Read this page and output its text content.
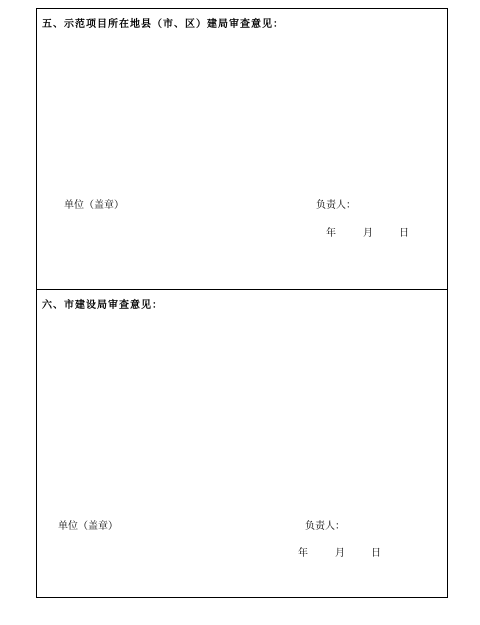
五、示范项目所在地县（市、区）建局审查意见：
单位（盖章）	负责人：
年	月	日
六、市建设局审查意见：
单位（盖章）	负责人：
年	月	日
